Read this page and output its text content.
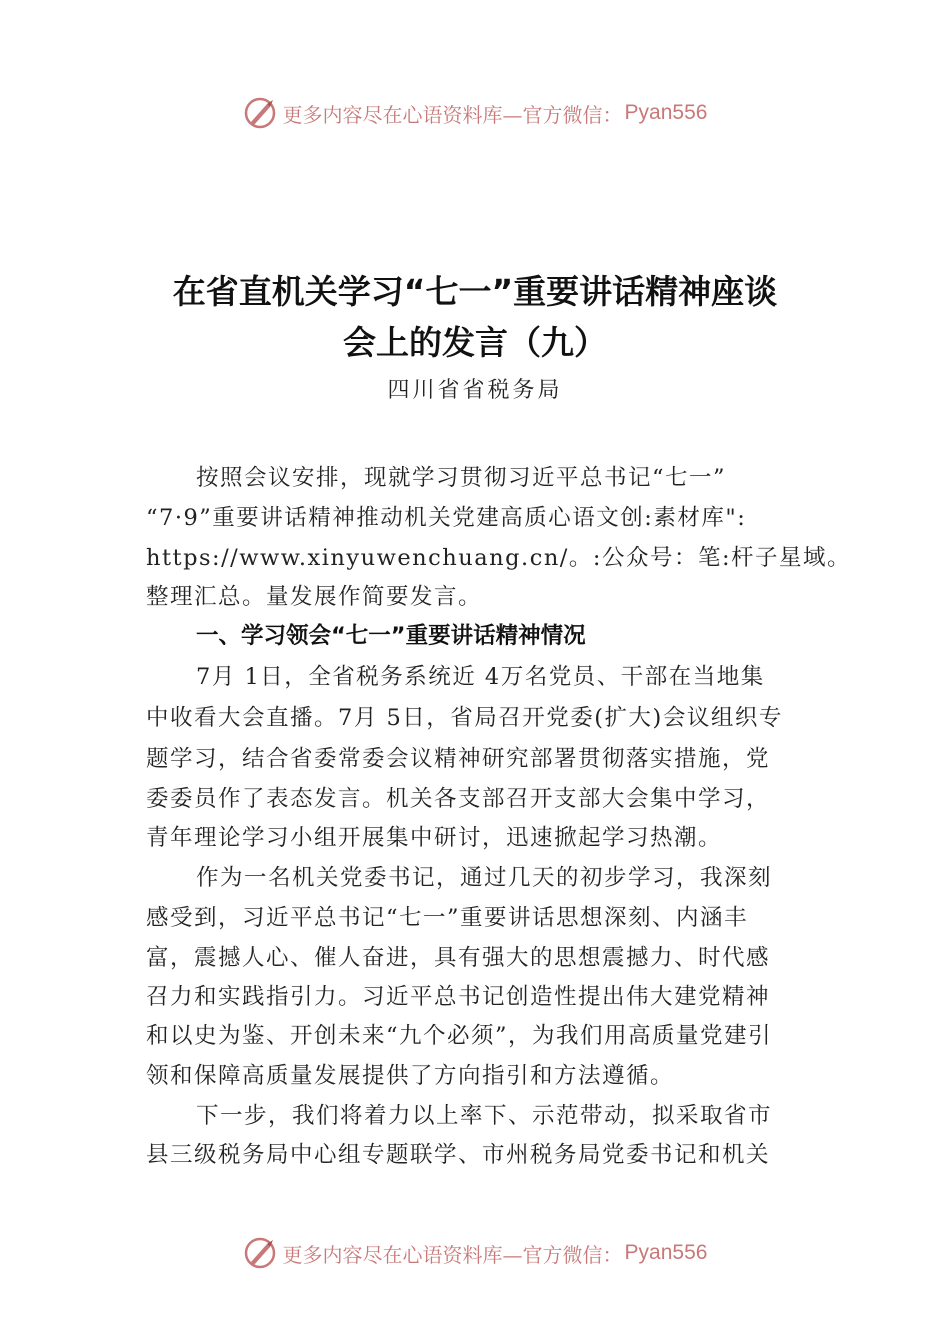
更多内容尽在心语资料库—官方微信： Pyan556
在省直机关学习“七一”重要讲话精神座谈
会上的发言（九）
四川省省税务局
按照会议安排，现就学习贯彻习近平总书记“七一”
“7·9”重要讲话精神推动机关党建高质心语文创:素材库":
https://www.xinyuwenchuang.cn/。:公众号：笔:杆子星域。
整理汇总。量发展作简要发言。
一、学习领会“七一”重要讲话精神情况
7月 1日，全省税务系统近 4万名党员、干部在当地集
中收看大会直播。7月 5日，省局召开党委(扩大)会议组织专
题学习，结合省委常委会议精神研究部署贯彻落实措施，党
委委员作了表态发言。机关各支部召开支部大会集中学习，
青年理论学习小组开展集中研讨，迅速掀起学习热潮。
作为一名机关党委书记，通过几天的初步学习，我深刻
感受到，习近平总书记“七一”重要讲话思想深刻、内涵丰
富，震撼人心、催人奋进，具有强大的思想震撼力、时代感
召力和实践指引力。习近平总书记创造性提出伟大建党精神
和以史为鉴、开创未来“九个必须”，为我们用高质量党建引
领和保障高质量发展提供了方向指引和方法遵循。
下一步，我们将着力以上率下、示范带动，拟采取省市
县三级税务局中心组专题联学、市州税务局党委书记和机关
更多内容尽在心语资料库—官方微信： Pyan556
